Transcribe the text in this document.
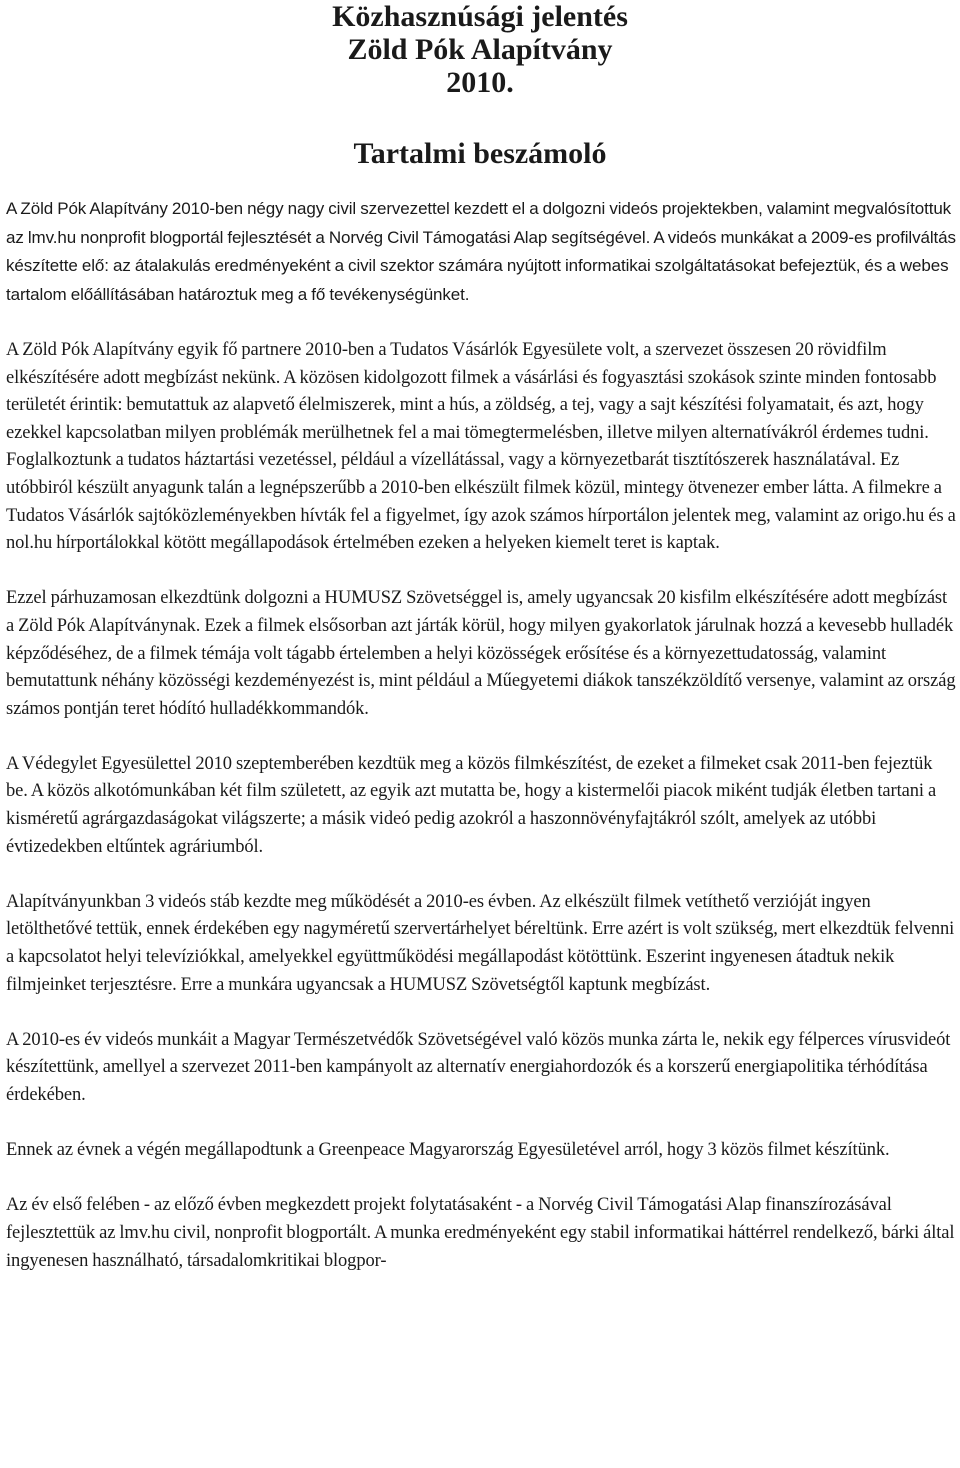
Közhasznúsági jelentés
Zöld Pók Alapítvány
2010.
Tartalmi beszámoló

A Zöld Pók Alapítvány 2010-ben négy nagy civil szervezettel kezdett el a dolgozni videós projektekben, valamint megvalósítottuk az lmv.hu nonprofit blogportál fejlesztését a Norvég Civil Támogatási Alap segítségével. A videós munkákat a 2009-es profilváltás készítette elő: az átalakulás eredményeként a civil szektor számára nyújtott informatikai szolgáltatásokat befejeztük, és a webes tartalom előállításában határoztuk meg a fő tevékenységünket.

A Zöld Pók Alapítvány egyik fő partnere 2010-ben a Tudatos Vásárlók Egyesülete volt, a szervezet összesen 20 rövidfilm elkészítésére adott megbízást nekünk. A közösen kidolgozott filmek a vásárlási és fogyasztási szokások szinte minden fontosabb területét érintik: bemutattuk az alapvető élelmiszerek, mint a hús, a zöldség, a tej, vagy a sajt készítési folyamatait, és azt, hogy ezekkel kapcsolatban milyen problémák merülhetnek fel a mai tömegtermelésben, illetve milyen alternatívákról érdemes tudni. Foglalkoztunk a tudatos háztartási vezetéssel, például a vízellátással, vagy a környezetbarát tisztítószerek használatával. Ez utóbbiról készült anyagunk talán a legnépszerűbb a 2010-ben elkészült filmek közül, mintegy ötvenezer ember látta. A filmekre a Tudatos Vásárlók sajtóközleményekben hívták fel a figyelmet, így azok számos hírportálon jelentek meg, valamint az origo.hu és a nol.hu hírportálokkal kötött megállapodások értelmében ezeken a helyeken kiemelt teret is kaptak.

Ezzel párhuzamosan elkezdtünk dolgozni a HUMUSZ Szövetséggel is, amely ugyancsak 20 kisfilm elkészítésére adott megbízást a Zöld Pók Alapítványnak. Ezek a filmek elsősorban azt járták körül, hogy milyen gyakorlatok járulnak hozzá a kevesebb hulladék képződéséhez, de a filmek témája volt tágabb értelemben a helyi közösségek erősítése és a környezettudatosság, valamint bemutattunk néhány közösségi kezdeményezést is, mint például a Műegyetemi diákok tanszékzöldítő versenye, valamint az ország számos pontján teret hódító hulladékkommandók.

A Védegylet Egyesülettel 2010 szeptemberében kezdtük meg a közös filmkészítést, de ezeket a filmeket csak 2011-ben fejeztük be. A közös alkotómunkában két film született, az egyik azt mutatta be, hogy a kistermelői piacok miként tudják életben tartani a kisméretű agrárgazdaságokat világszerte; a másik videó pedig azokról a haszonnövényfajtákról szólt, amelyek az utóbbi évtizedekben eltűntek agráriumból.

Alapítványunkban 3 videós stáb kezdte meg működését a 2010-es évben. Az elkészült filmek vetíthető verzióját ingyen letölthetővé tettük, ennek érdekében egy nagyméretű szervertárhelyet béreltünk. Erre azért is volt szükség, mert elkezdtük felvenni a kapcsolatot helyi televíziókkal, amelyekkel együttműködési megállapodást kötöttünk. Eszerint ingyenesen átadtuk nekik filmjeinket terjesztésre. Erre a munkára ugyancsak a HUMUSZ Szövetségtől kaptunk megbízást.

A 2010-es év videós munkáit a Magyar Természetvédők Szövetségével való közös munka zárta le, nekik egy félperces vírusvideót készítettünk, amellyel a szervezet 2011-ben kampányolt az alternatív energiahordozók és a korszerű energiapolitika térhódítása érdekében.

Ennek az évnek a végén megállapodtunk a Greenpeace Magyarország Egyesületével arról, hogy 3 közös filmet készítünk.

Az év első felében - az előző évben megkezdett projekt folytatásaként - a Norvég Civil Támogatási Alap finanszírozásával fejlesztettük az lmv.hu civil, nonprofit blogportált. A munka eredményeként egy stabil informatikai háttérrel rendelkező, bárki által ingyenesen használható, társadalomkritikai blogpor-
